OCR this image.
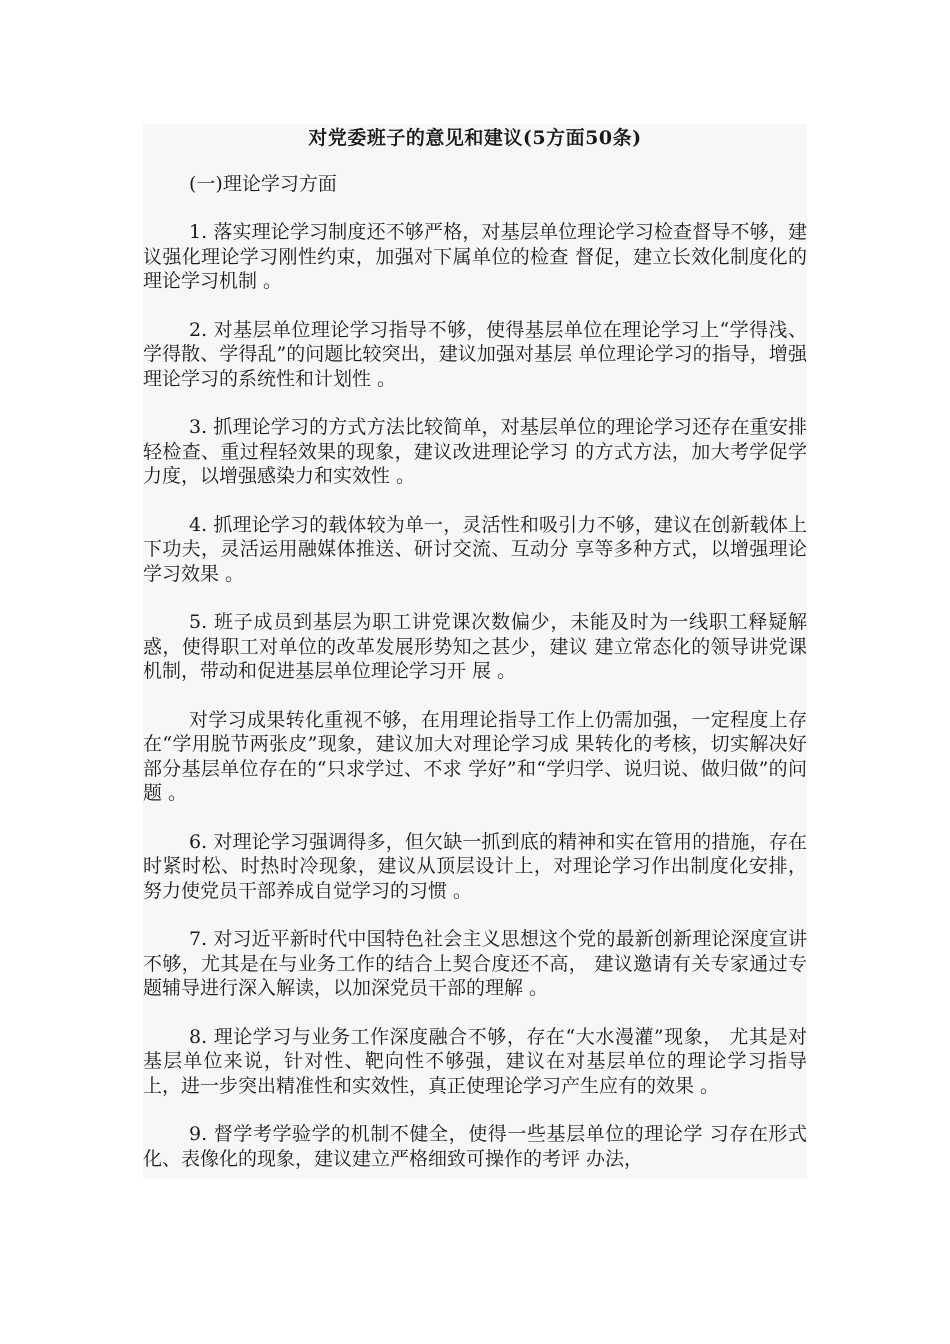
对党委班子的意见和建议(5方面50条)

(一)理论学习方面

1. 落实理论学习制度还不够严格，对基层单位理论学习检查督导不够，建议强化理论学习刚性约束，加强对下属单位的检查 督促，建立长效化制度化的理论学习机制 。

2. 对基层单位理论学习指导不够，使得基层单位在理论学习上“学得浅、学得散、学得乱”的问题比较突出，建议加强对基层 单位理论学习的指导，增强理论学习的系统性和计划性 。

3. 抓理论学习的方式方法比较简单，对基层单位的理论学习还存在重安排轻检查、重过程轻效果的现象，建议改进理论学习 的方式方法，加大考学促学力度，以增强感染力和实效性 。

4. 抓理论学习的载体较为单一，灵活性和吸引力不够，建议在创新载体上下功夫，灵活运用融媒体推送、研讨交流、互动分 享等多种方式，以增强理论学习效果 。

5. 班子成员到基层为职工讲党课次数偏少，未能及时为一线职工释疑解惑，使得职工对单位的改革发展形势知之甚少，建议 建立常态化的领导讲党课机制，带动和促进基层单位理论学习开 展 。

对学习成果转化重视不够，在用理论指导工作上仍需加强，一定程度上存在“学用脱节两张皮”现象，建议加大对理论学习成 果转化的考核，切实解决好部分基层单位存在的“只求学过、不求 学好”和“学归学、说归说、做归做”的问题 。

6. 对理论学习强调得多，但欠缺一抓到底的精神和实在管用的措施，存在时紧时松、时热时冷现象，建议从顶层设计上，对理论学习作出制度化安排，努力使党员干部养成自觉学习的习惯 。

7. 对习近平新时代中国特色社会主义思想这个党的最新创新理论深度宣讲不够，尤其是在与业务工作的结合上契合度还不高， 建议邀请有关专家通过专题辅导进行深入解读，以加深党员干部的理解 。

8. 理论学习与业务工作深度融合不够，存在“大水漫灌”现象， 尤其是对基层单位来说，针对性、靶向性不够强，建议在对基层单位的理论学习指导上，进一步突出精准性和实效性，真正使理论学习产生应有的效果 。

9. 督学考学验学的机制不健全，使得一些基层单位的理论学 习存在形式化、表像化的现象，建议建立严格细致可操作的考评 办法，
